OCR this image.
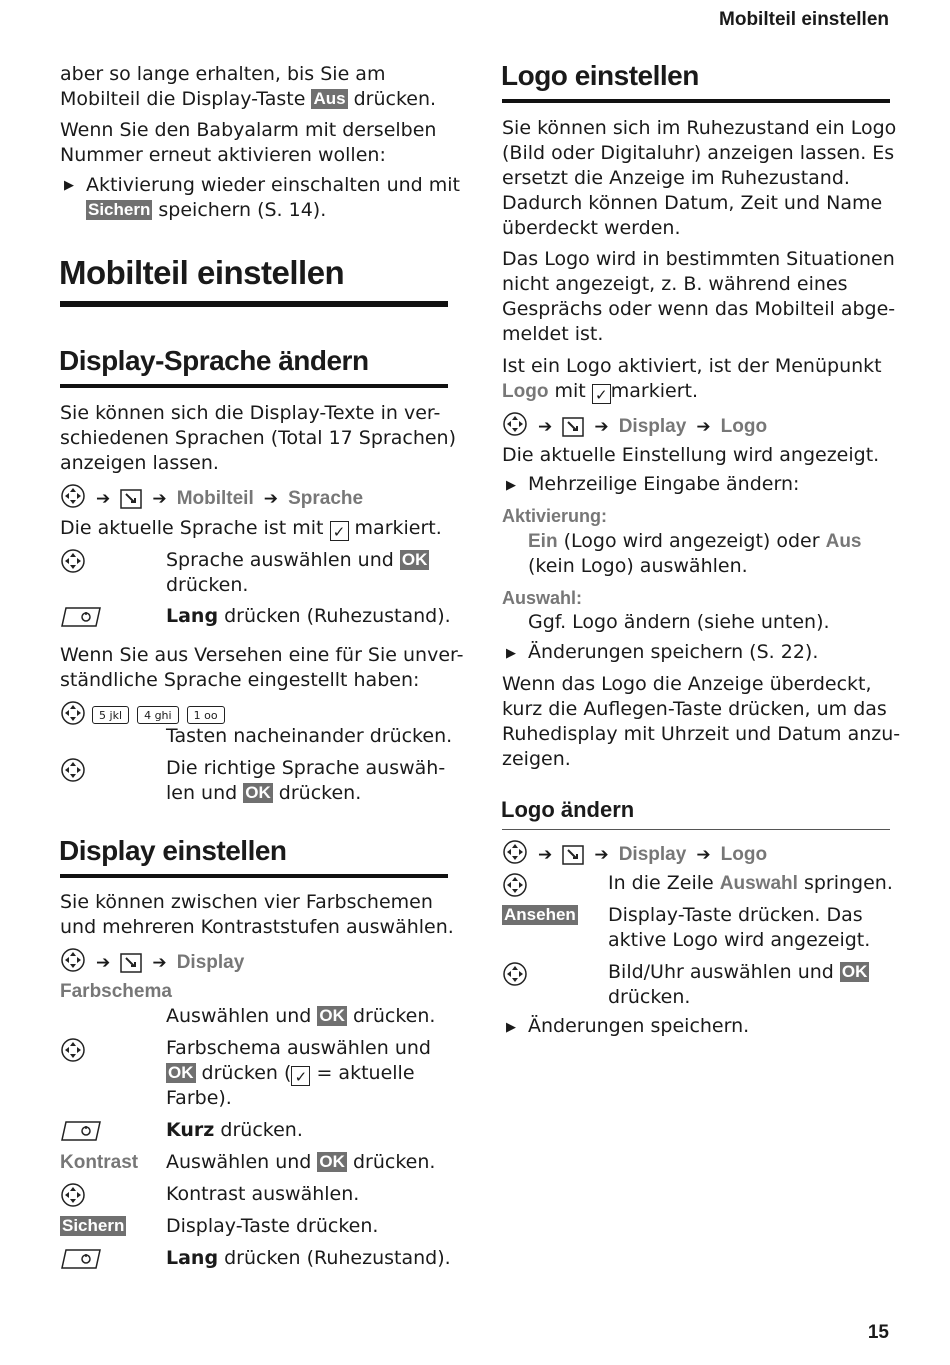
Mobilteil einstellen
15
aber so lange erhalten, bis Sie am
Mobilteil die Display-Taste Aus drücken.
Wenn Sie den Babyalarm mit derselben
Nummer erneut aktivieren wollen:
▶ Aktivierung wieder einschalten und mit
Sichern speichern (S. 14).
Mobilteil einstellen
Display-Sprache ändern
Sie können sich die Display-Texte in ver-
schiedenen Sprachen (Total 17 Sprachen)
anzeigen lassen.
➔ ➔ Mobilteil ➔ Sprache
Die aktuelle Sprache ist mit ✓ markiert.
Sprache auswählen und OK
drücken.
Lang drücken (Ruhezustand).
Wenn Sie aus Versehen eine für Sie unver-
ständliche Sprache eingestellt haben:
5 jkl 4 ghi 1 oo
Tasten nacheinander drücken.
Die richtige Sprache auswäh-
len und OK drücken.
Display einstellen
Sie können zwischen vier Farbschemen
und mehreren Kontraststufen auswählen.
➔ ➔ Display
Farbschema
Auswählen und OK drücken.
Farbschema auswählen und
OK drücken ( ✓ = aktuelle
Farbe).
Kurz drücken.
Kontrast Auswählen und OK drücken.
Kontrast auswählen.
Sichern Display-Taste drücken.
Lang drücken (Ruhezustand).
Logo einstellen
Sie können sich im Ruhezustand ein Logo
(Bild oder Digitaluhr) anzeigen lassen. Es
ersetzt die Anzeige im Ruhezustand.
Dadurch können Datum, Zeit und Name
überdeckt werden.
Das Logo wird in bestimmten Situationen
nicht angezeigt, z. B. während eines
Gesprächs oder wenn das Mobilteil abge-
meldet ist.
Ist ein Logo aktiviert, ist der Menüpunkt
Logo mit ✓ markiert.
➔ ➔ Display ➔ Logo
Die aktuelle Einstellung wird angezeigt.
▶ Mehrzeilige Eingabe ändern:
Aktivierung:
Ein (Logo wird angezeigt) oder Aus
(kein Logo) auswählen.
Auswahl:
Ggf. Logo ändern (siehe unten).
▶ Änderungen speichern (S. 22).
Wenn das Logo die Anzeige überdeckt,
kurz die Auflegen-Taste drücken, um das
Ruhedisplay mit Uhrzeit und Datum anzu-
zeigen.
Logo ändern
➔ ➔ Display ➔ Logo
In die Zeile Auswahl springen.
Ansehen Display-Taste drücken. Das
aktive Logo wird angezeigt.
Bild/Uhr auswählen und OK
drücken.
▶ Änderungen speichern.
